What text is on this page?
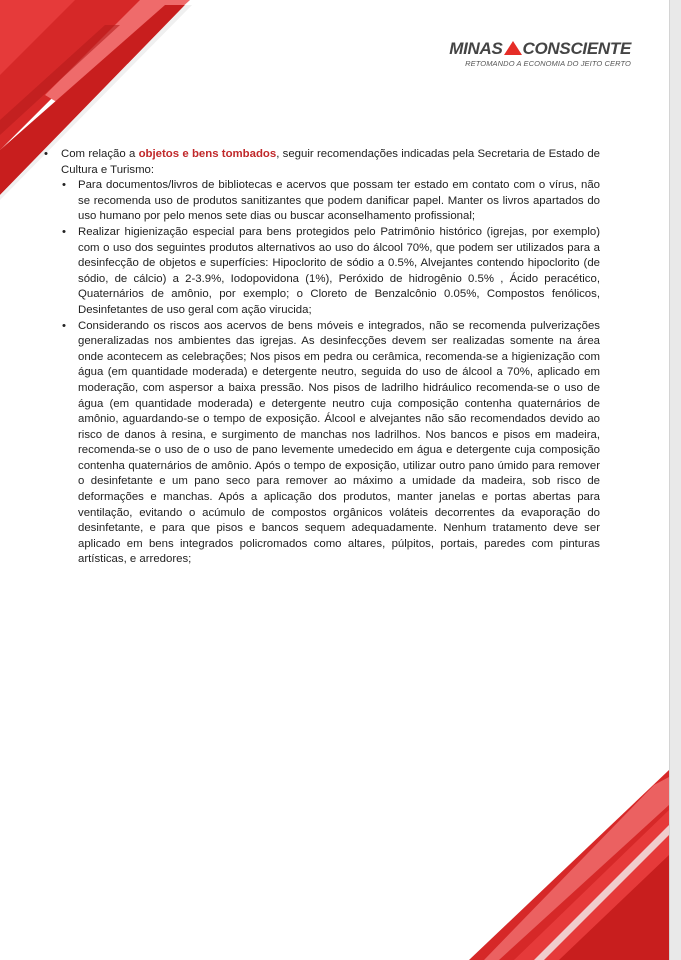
MINAS CONSCIENTE
RETOMANDO A ECONOMIA DO JEITO CERTO
• Com relação a objetos e bens tombados, seguir recomendações indicadas pela Secretaria de Estado de Cultura e Turismo:
• Para documentos/livros de bibliotecas e acervos que possam ter estado em contato com o vírus, não se recomenda uso de produtos sanitizantes que podem danificar papel. Manter os livros apartados do uso humano por pelo menos sete dias ou buscar aconselhamento profissional;
• Realizar higienização especial para bens protegidos pelo Patrimônio histórico (igrejas, por exemplo) com o uso dos seguintes produtos alternativos ao uso do álcool 70%, que podem ser utilizados para a desinfecção de objetos e superfícies: Hipoclorito de sódio a 0.5%, Alvejantes contendo hipoclorito (de sódio, de cálcio) a 2-3.9%, Iodopovidona (1%), Peróxido de hidrogênio 0.5% , Ácido peracético, Quaternários de amônio, por exemplo; o Cloreto de Benzalcônio 0.05%, Compostos fenólicos, Desinfetantes de uso geral com ação virucida;
• Considerando os riscos aos acervos de bens móveis e integrados, não se recomenda pulverizações generalizadas nos ambientes das igrejas. As desinfecções devem ser realizadas somente na área onde acontecem as celebrações; Nos pisos em pedra ou cerâmica, recomenda-se a higienização com água (em quantidade moderada) e detergente neutro, seguida do uso de álcool a 70%, aplicado em moderação, com aspersor a baixa pressão. Nos pisos de ladrilho hidráulico recomenda-se o uso de água (em quantidade moderada) e detergente neutro cuja composição contenha quaternários de amônio, aguardando-se o tempo de exposição. Álcool e alvejantes não são recomendados devido ao risco de danos à resina, e surgimento de manchas nos ladrilhos. Nos bancos e pisos em madeira, recomenda-se o uso de o uso de pano levemente umedecido em água e detergente cuja composição contenha quaternários de amônio. Após o tempo de exposição, utilizar outro pano úmido para remover o desinfetante e um pano seco para remover ao máximo a umidade da madeira, sob risco de deformações e manchas. Após a aplicação dos produtos, manter janelas e portas abertas para ventilação, evitando o acúmulo de compostos orgânicos voláteis decorrentes da evaporação do desinfetante, e para que pisos e bancos sequem adequadamente. Nenhum tratamento deve ser aplicado em bens integrados policromados como altares, púlpitos, portais, paredes com pinturas artísticas, e arredores;
